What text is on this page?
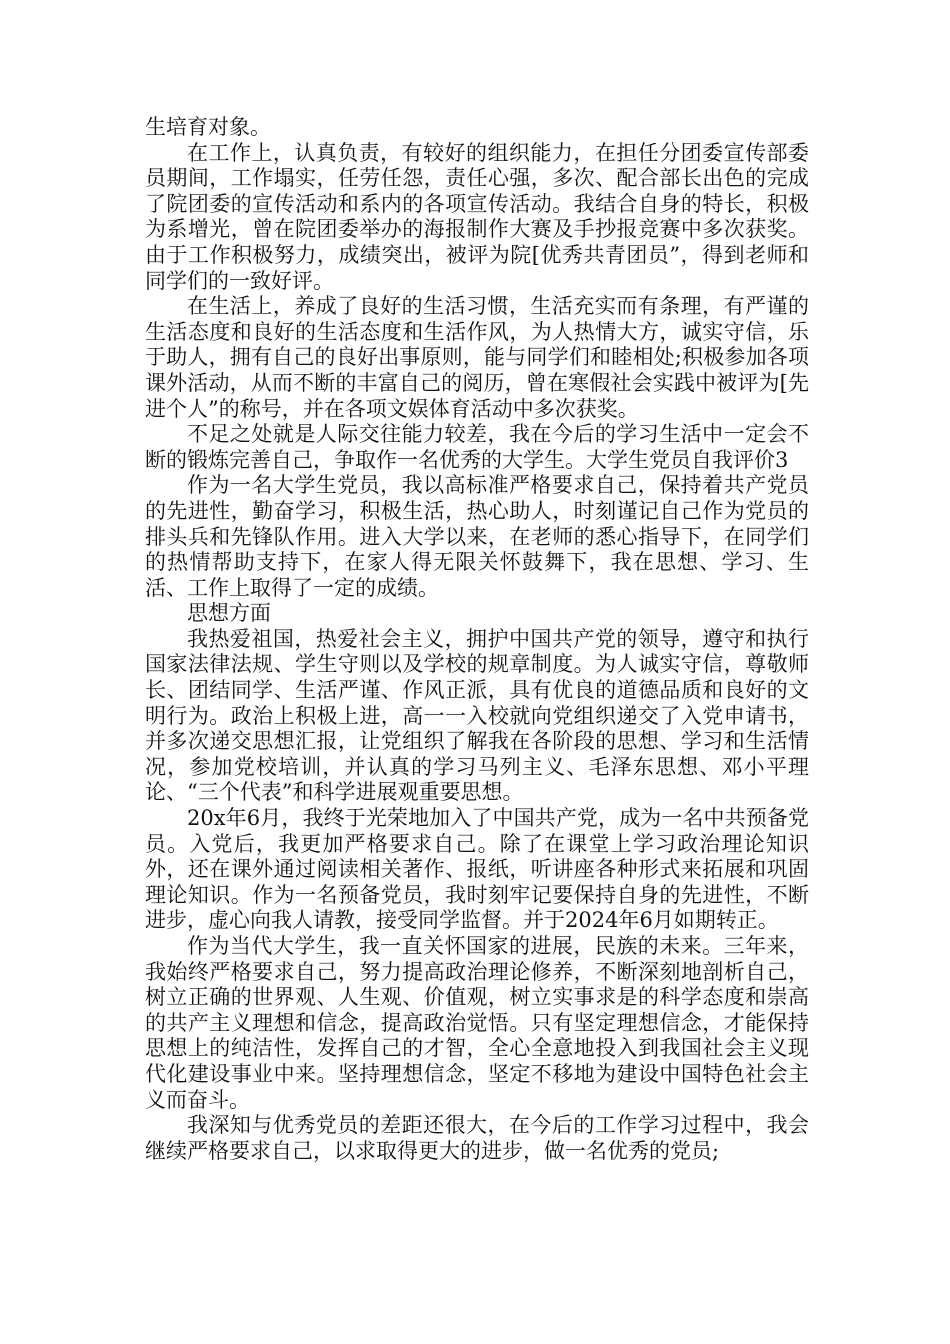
生培育对象。

在工作上，认真负责，有较好的组织能力，在担任分团委宣传部委员期间，工作塌实，任劳任怨，责任心强，多次、配合部长出色的完成了院团委的宣传活动和系内的各项宣传活动。我结合自身的特长，积极为系增光，曾在院团委举办的海报制作大赛及手抄报竞赛中多次获奖。由于工作积极努力，成绩突出，被评为院[优秀共青团员”，得到老师和同学们的一致好评。

在生活上，养成了良好的生活习惯，生活充实而有条理，有严谨的生活态度和良好的生活态度和生活作风，为人热情大方，诚实守信，乐于助人，拥有自己的良好出事原则，能与同学们和睦相处;积极参加各项课外活动，从而不断的丰富自己的阅历，曾在寒假社会实践中被评为[先进个人”的称号，并在各项文娱体育活动中多次获奖。

不足之处就是人际交往能力较差，我在今后的学习生活中一定会不断的锻炼完善自己，争取作一名优秀的大学生。大学生党员自我评价3

作为一名大学生党员，我以高标准严格要求自己，保持着共产党员的先进性，勤奋学习，积极生活，热心助人，时刻谨记自己作为党员的排头兵和先锋队作用。进入大学以来，在老师的悉心指导下，在同学们的热情帮助支持下，在家人得无限关怀鼓舞下，我在思想、学习、生活、工作上取得了一定的成绩。

思想方面

我热爱祖国，热爱社会主义，拥护中国共产党的领导，遵守和执行国家法律法规、学生守则以及学校的规章制度。为人诚实守信，尊敬师长、团结同学、生活严谨、作风正派，具有优良的道德品质和良好的文明行为。政治上积极上进，高一一入校就向党组织递交了入党申请书，并多次递交思想汇报，让党组织了解我在各阶段的思想、学习和生活情况，参加党校培训，并认真的学习马列主义、毛泽东思想、邓小平理论、“三个代表”和科学进展观重要思想。

20x年6月，我终于光荣地加入了中国共产党，成为一名中共预备党员。入党后，我更加严格要求自己。除了在课堂上学习政治理论知识外，还在课外通过阅读相关著作、报纸，听讲座各种形式来拓展和巩固理论知识。作为一名预备党员，我时刻牢记要保持自身的先进性，不断进步，虚心向我人请教，接受同学监督。并于2024年6月如期转正。

作为当代大学生，我一直关怀国家的进展，民族的未来。三年来，我始终严格要求自己，努力提高政治理论修养，不断深刻地剖析自己，树立正确的世界观、人生观、价值观，树立实事求是的科学态度和崇高的共产主义理想和信念，提高政治觉悟。只有坚定理想信念，才能保持思想上的纯洁性，发挥自己的才智，全心全意地投入到我国社会主义现代化建设事业中来。坚持理想信念，坚定不移地为建设中国特色社会主义而奋斗。

我深知与优秀党员的差距还很大，在今后的工作学习过程中，我会继续严格要求自己，以求取得更大的进步，做一名优秀的党员;
